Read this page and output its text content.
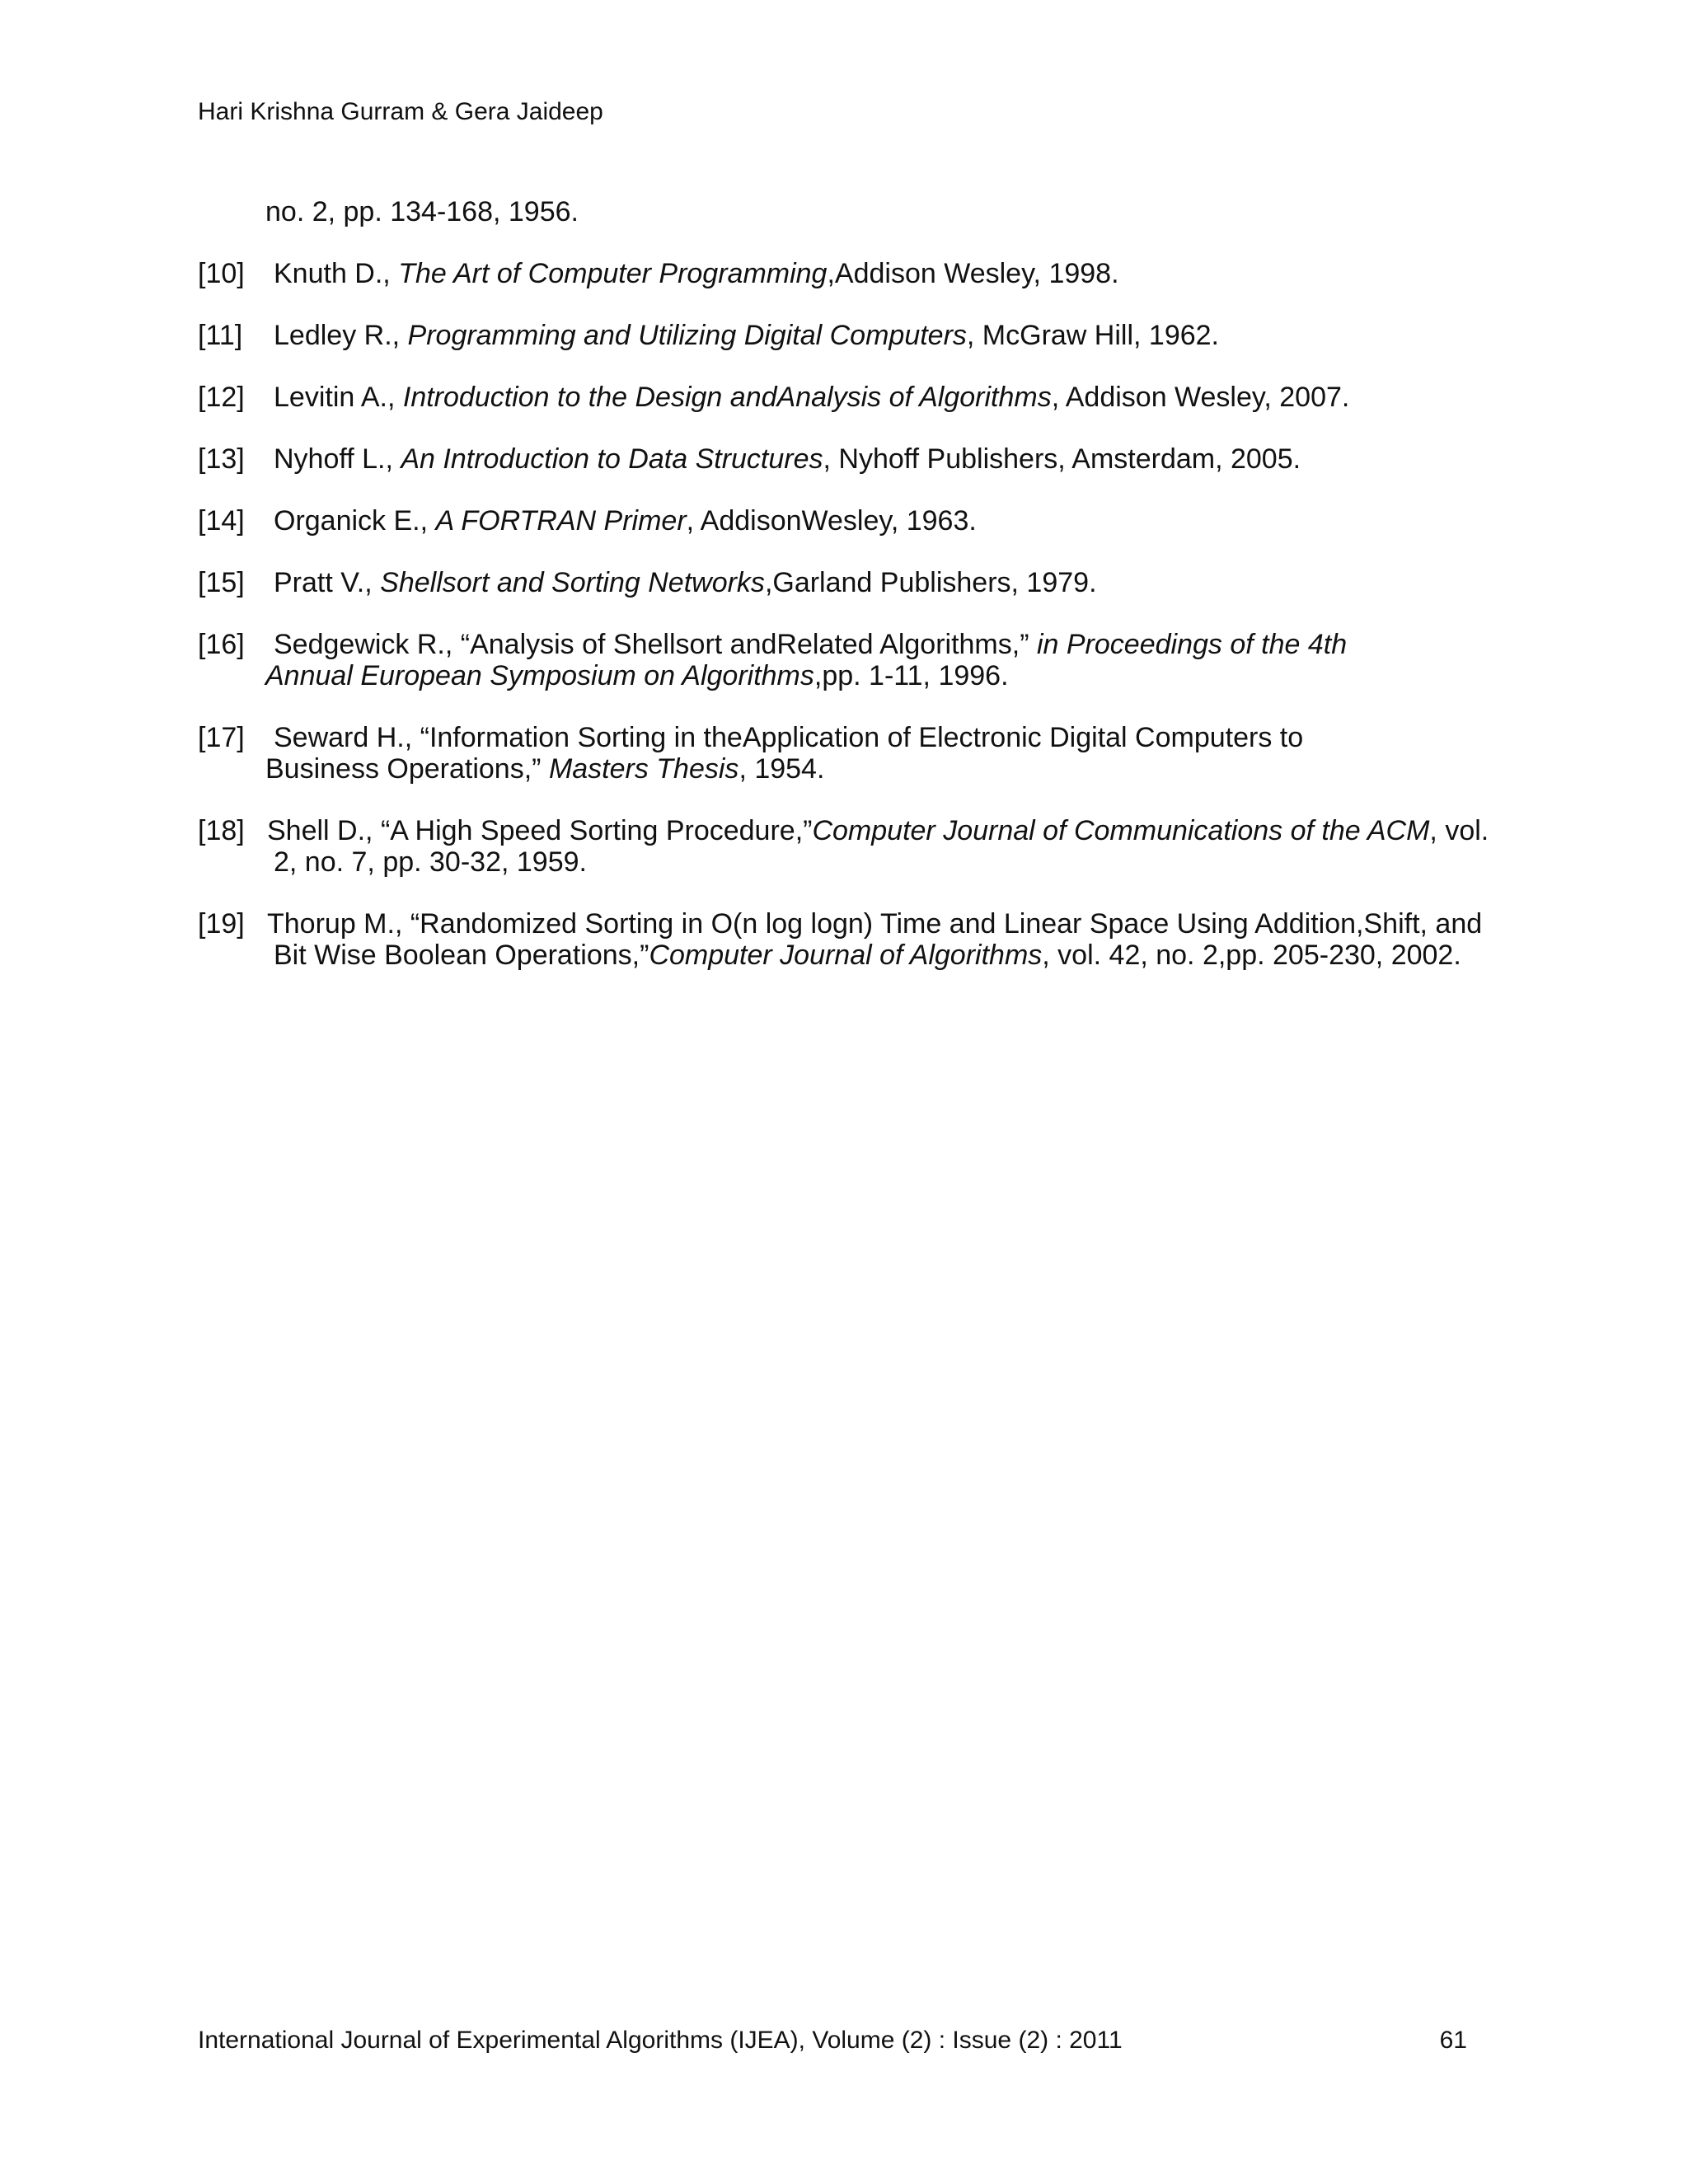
Hari Krishna Gurram & Gera Jaideep
no. 2, pp. 134-168, 1956.
[10]	Knuth D., The Art of Computer Programming,Addison Wesley, 1998.
[11]	Ledley R., Programming and Utilizing Digital Computers, McGraw Hill, 1962.
[12]	Levitin A., Introduction to the Design andAnalysis of Algorithms, Addison Wesley, 2007.
[13]	Nyhoff L., An Introduction to Data Structures, Nyhoff Publishers, Amsterdam, 2005.
[14]	Organick E., A FORTRAN Primer, AddisonWesley, 1963.
[15]	Pratt V., Shellsort and Sorting Networks,Garland Publishers, 1979.
[16]	Sedgewick R., “Analysis of Shellsort andRelated Algorithms,” in Proceedings of the 4th
Annual European Symposium on Algorithms,pp. 1-11, 1996.
[17]	Seward H., “Information Sorting in theApplication of Electronic Digital Computers to
Business Operations,” Masters Thesis, 1954.
[18] Shell D., “A High Speed Sorting Procedure,”Computer Journal of Communications of the ACM, vol.
2, no. 7, pp. 30-32, 1959.
[19] Thorup M., “Randomized Sorting in O(n log logn) Time and Linear Space Using Addition,Shift, and
Bit Wise Boolean Operations,”Computer Journal of Algorithms, vol. 42, no. 2,pp. 205-230, 2002.
International Journal of Experimental Algorithms (IJEA), Volume (2) : Issue (2) : 2011	61
